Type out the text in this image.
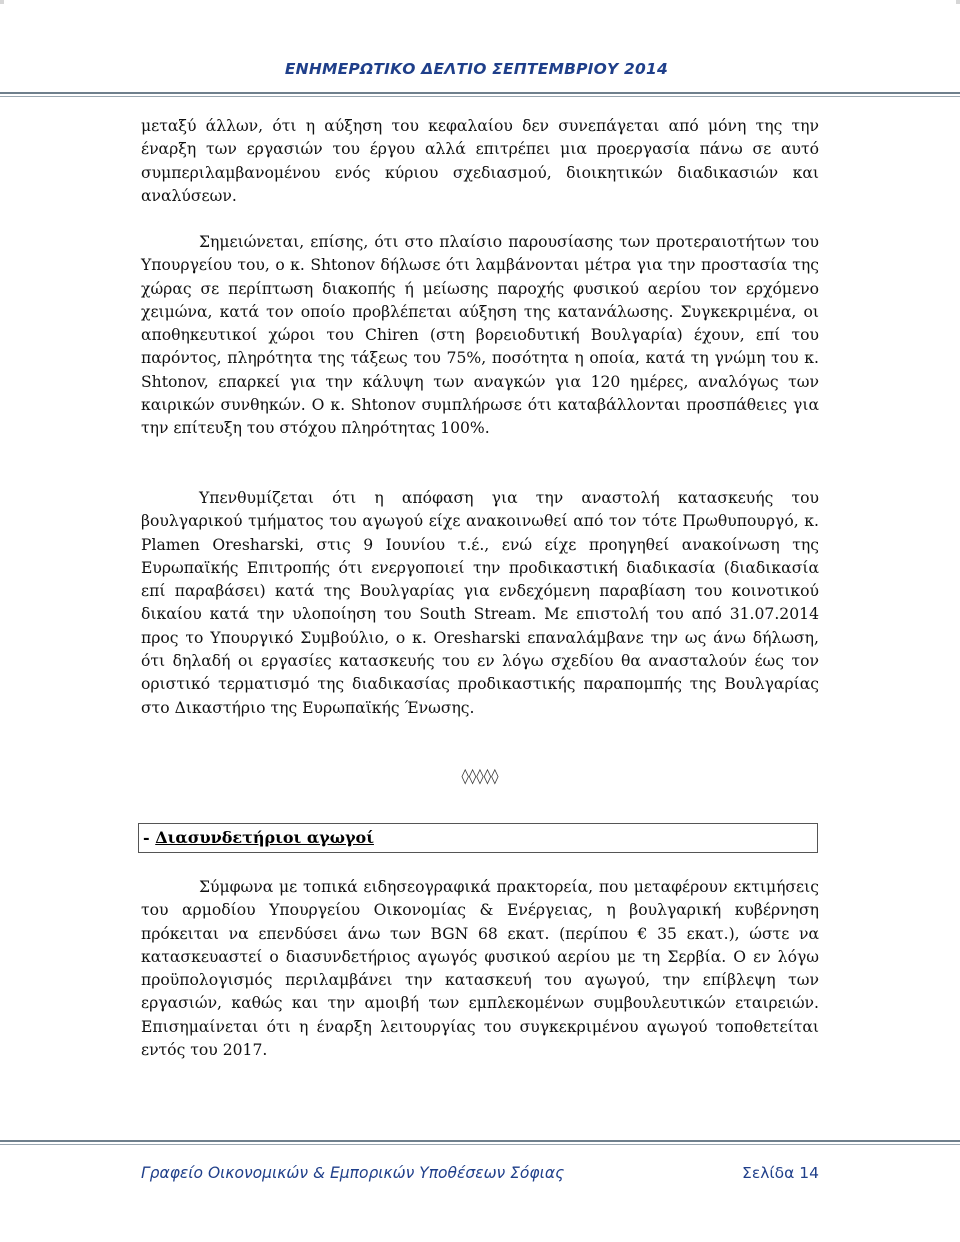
ΕΝΗΜΕΡΩΤΙΚΟ ΔΕΛΤΙΟ ΣΕΠΤΕΜΒΡΙΟΥ 2014

μεταξύ άλλων, ότι η αύξηση του κεφαλαίου δεν συνεπάγεται από μόνη της την έναρξη των εργασιών του έργου αλλά επιτρέπει μια προεργασία πάνω σε αυτό συμπεριλαμβανομένου ενός κύριου σχεδιασμού, διοικητικών διαδικασιών και αναλύσεων.

Σημειώνεται, επίσης, ότι στο πλαίσιο παρουσίασης των προτεραιοτήτων του Υπουργείου του, ο κ. Shtonov δήλωσε ότι λαμβάνονται μέτρα για την προστασία της χώρας σε περίπτωση διακοπής ή μείωσης παροχής φυσικού αερίου τον ερχόμενο χειμώνα, κατά τον οποίο προβλέπεται αύξηση της κατανάλωσης. Συγκεκριμένα, οι αποθηκευτικοί χώροι του Chiren (στη βορειοδυτική Βουλγαρία) έχουν, επί του παρόντος, πληρότητα της τάξεως του 75%, ποσότητα η οποία, κατά τη γνώμη του κ. Shtonov, επαρκεί για την κάλυψη των αναγκών για 120 ημέρες, αναλόγως των καιρικών συνθηκών. Ο κ. Shtonov συμπλήρωσε ότι καταβάλλονται προσπάθειες για την επίτευξη του στόχου πληρότητας 100%.

Υπενθυμίζεται ότι η απόφαση για την αναστολή κατασκευής του βουλγαρικού τμήματος του αγωγού είχε ανακοινωθεί από τον τότε Πρωθυπουργό, κ. Plamen Oresharski, στις 9 Ιουνίου τ.έ., ενώ είχε προηγηθεί ανακοίνωση της Ευρωπαϊκής Επιτροπής ότι ενεργοποιεί την προδικαστική διαδικασία (διαδικασία επί παραβάσει) κατά της Βουλγαρίας για ενδεχόμενη παραβίαση του κοινοτικού δικαίου κατά την υλοποίηση του South Stream. Με επιστολή του από 31.07.2014 προς το Υπουργικό Συμβούλιο, ο κ. Oresharski επαναλάμβανε την ως άνω δήλωση, ότι δηλαδή οι εργασίες κατασκευής του εν λόγω σχεδίου θα ανασταλούν έως τον οριστικό τερματισμό της διαδικασίας προδικαστικής παραπομπής της Βουλγαρίας στο Δικαστήριο της Ευρωπαϊκής Ένωσης.

◊◊◊◊◊
- Διασυνδετήριοι αγωγοί

Σύμφωνα με τοπικά ειδησεογραφικά πρακτορεία, που μεταφέρουν εκτιμήσεις του αρμοδίου Υπουργείου Οικονομίας & Ενέργειας, η βουλγαρική κυβέρνηση πρόκειται να επενδύσει άνω των BGN 68 εκατ. (περίπου € 35 εκατ.), ώστε να κατασκευαστεί ο διασυνδετήριος αγωγός φυσικού αερίου με τη Σερβία. Ο εν λόγω προϋπολογισμός περιλαμβάνει την κατασκευή του αγωγού, την επίβλεψη των εργασιών, καθώς και την αμοιβή των εμπλεκομένων συμβουλευτικών εταιρειών. Επισημαίνεται ότι η έναρξη λειτουργίας του συγκεκριμένου αγωγού τοποθετείται εντός του 2017.

Γραφείο Οικονομικών & Εμπορικών Υποθέσεων Σόφιας	Σελίδα 14
